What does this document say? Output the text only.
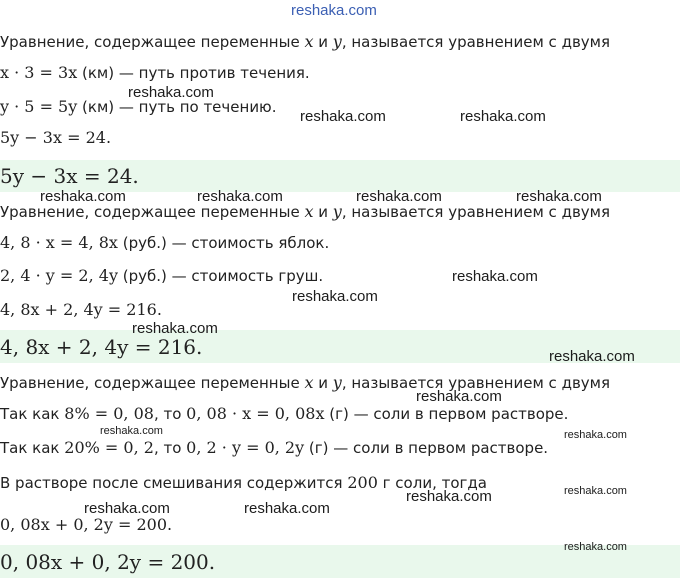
Уравнение, содержащее переменные x и y, называется уравнением с двумя
x · 3 = 3x (км) — путь против течения.
y · 5 = 5y (км) — путь по течению.
5y − 3x = 24.
5y − 3x = 24.
Уравнение, содержащее переменные x и y, называется уравнением с двумя
4, 8 · x = 4, 8x (руб.) — стоимость яблок.
2, 4 · y = 2, 4y (руб.) — стоимость груш.
4, 8x + 2, 4y = 216.
4, 8x + 2, 4y = 216.
Уравнение, содержащее переменные x и y, называется уравнением с двумя
Так как 8% = 0, 08, то 0, 08 · x = 0, 08x (г) — соли в первом растворе.
Так как 20% = 0, 2, то 0, 2 · y = 0, 2y (г) — соли в первом растворе.
В растворе после смешивания содержится 200 г соли, тогда
0, 08x + 0, 2y = 200.
0, 08x + 0, 2y = 200.
reshaka.com
reshaka.com
reshaka.com	reshaka.com
reshaka.com	reshaka.com	reshaka.com	reshaka.com
reshaka.com
reshaka.com
reshaka.com
reshaka.com
reshaka.com
reshaka.com	reshaka.com
reshaka.com	reshaka.com
reshaka.com	reshaka.com
reshaka.com
